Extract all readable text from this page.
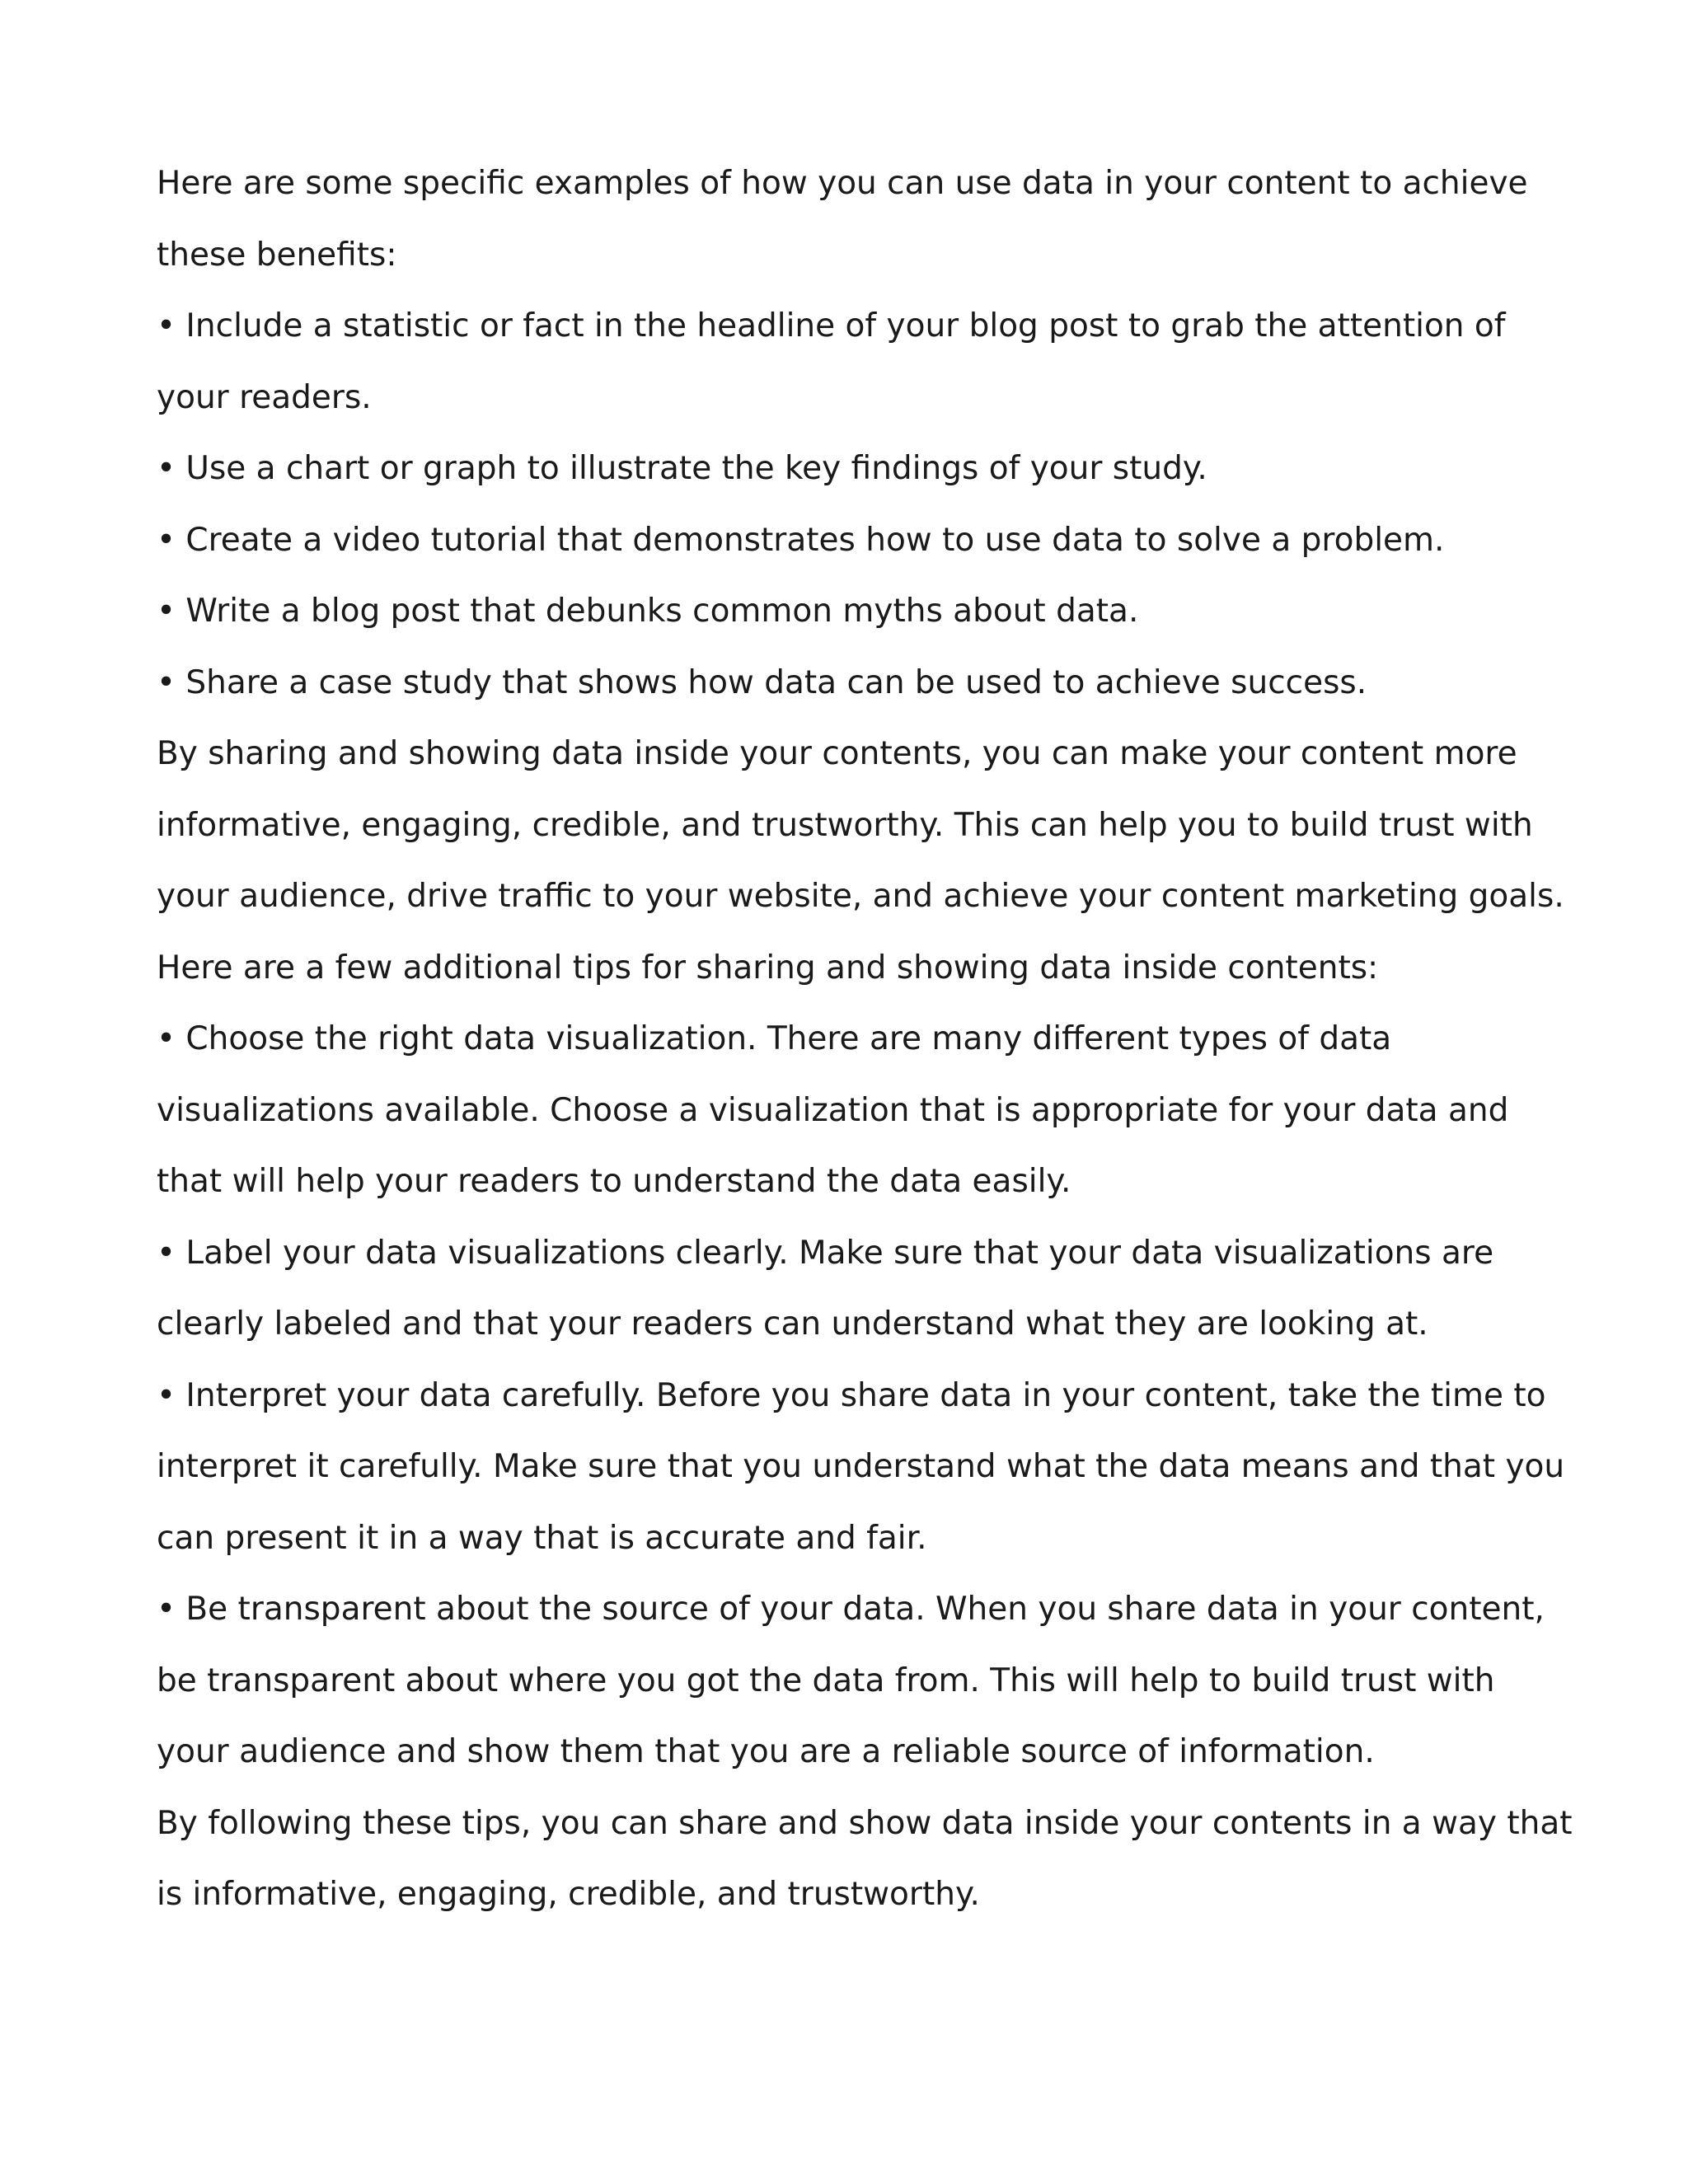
Here are some specific examples of how you can use data in your content to achieve

these benefits:

• Include a statistic or fact in the headline of your blog post to grab the attention of

your readers.

• Use a chart or graph to illustrate the key findings of your study.

• Create a video tutorial that demonstrates how to use data to solve a problem.

• Write a blog post that debunks common myths about data.

• Share a case study that shows how data can be used to achieve success.

By sharing and showing data inside your contents, you can make your content more

informative, engaging, credible, and trustworthy. This can help you to build trust with

your audience, drive traffic to your website, and achieve your content marketing goals.

Here are a few additional tips for sharing and showing data inside contents:

• Choose the right data visualization. There are many different types of data

visualizations available. Choose a visualization that is appropriate for your data and

that will help your readers to understand the data easily.

• Label your data visualizations clearly. Make sure that your data visualizations are

clearly labeled and that your readers can understand what they are looking at.

• Interpret your data carefully. Before you share data in your content, take the time to

interpret it carefully. Make sure that you understand what the data means and that you

can present it in a way that is accurate and fair.

• Be transparent about the source of your data. When you share data in your content,

be transparent about where you got the data from. This will help to build trust with

your audience and show them that you are a reliable source of information.

By following these tips, you can share and show data inside your contents in a way that

is informative, engaging, credible, and trustworthy.
